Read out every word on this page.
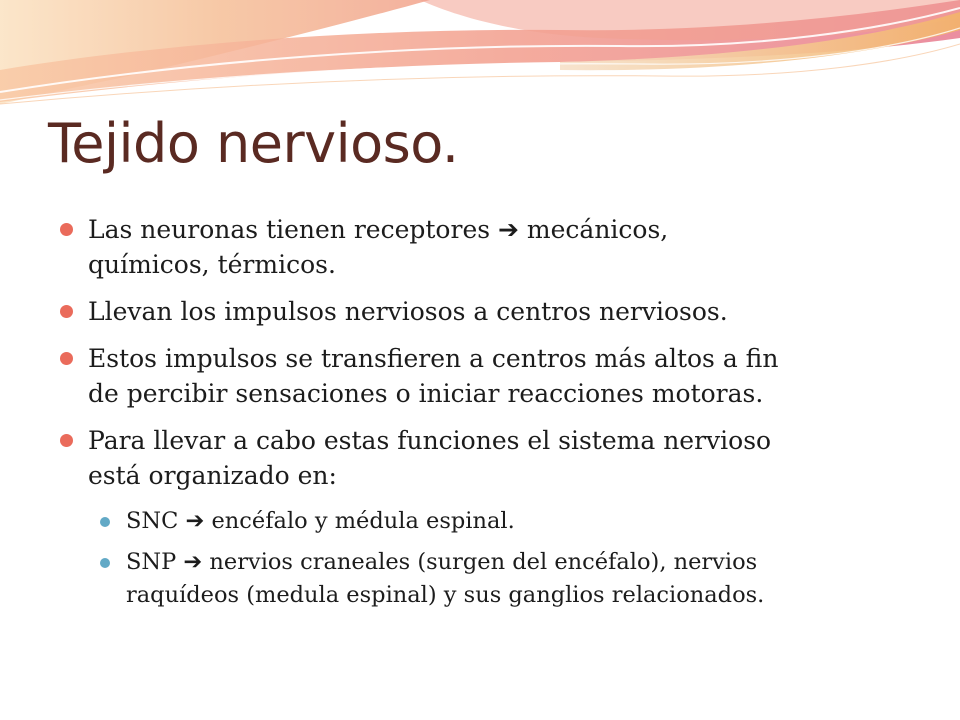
Tejido nervioso.
Las neuronas tienen receptores ➔ mecánicos,
químicos, térmicos.
Llevan los impulsos nerviosos a centros nerviosos.
Estos impulsos se transfieren a centros más altos a fin
de percibir sensaciones o iniciar reacciones motoras.
Para llevar a cabo estas funciones el sistema nervioso
está organizado en:
SNC ➔ encéfalo y médula espinal.
SNP ➔ nervios craneales (surgen del encéfalo), nervios
raquídeos (medula espinal) y sus ganglios relacionados.
